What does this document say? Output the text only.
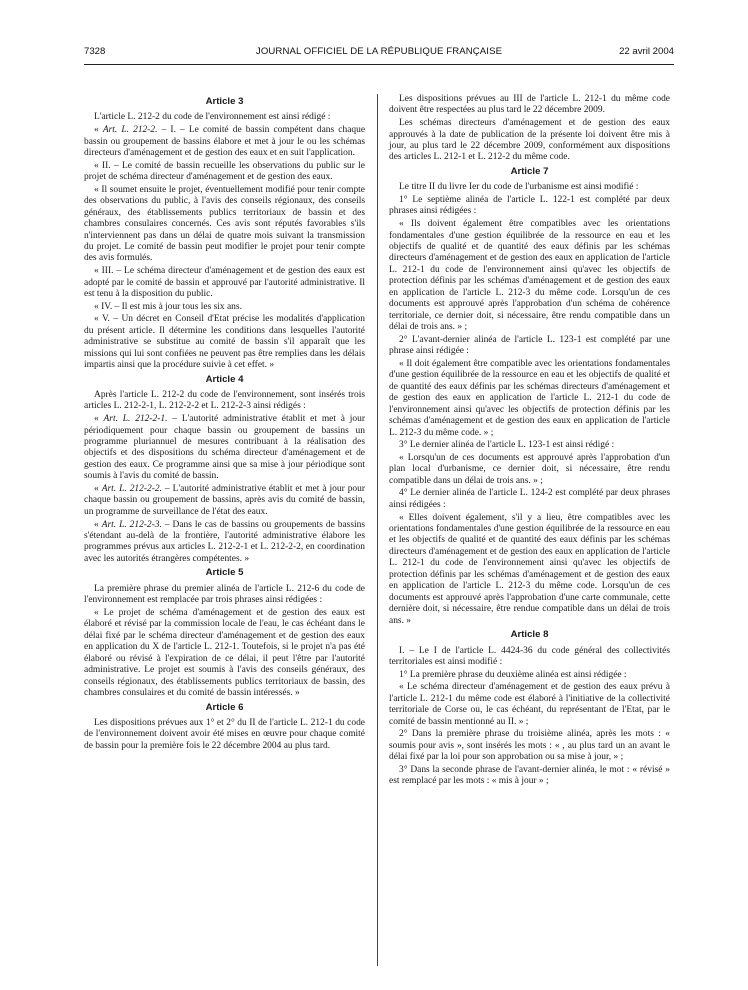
7328	JOURNAL OFFICIEL DE LA RÉPUBLIQUE FRANÇAISE	22 avril 2004
Article 3

L'article L. 212-2 du code de l'environnement est ainsi rédigé :

« Art. L. 212-2. – I. – Le comité de bassin compétent dans chaque bassin ou groupement de bassins élabore et met à jour le ou les schémas directeurs d'aménagement et de gestion des eaux et en suit l'application.

« II. – Le comité de bassin recueille les observations du public sur le projet de schéma directeur d'aménagement et de gestion des eaux.

« Il soumet ensuite le projet, éventuellement modifié pour tenir compte des observations du public, à l'avis des conseils régionaux, des conseils généraux, des établissements publics territoriaux de bassin et des chambres consulaires concernés. Ces avis sont réputés favorables s'ils n'interviennent pas dans un délai de quatre mois suivant la transmission du projet. Le comité de bassin peut modifier le projet pour tenir compte des avis formulés.

« III. – Le schéma directeur d'aménagement et de gestion des eaux est adopté par le comité de bassin et approuvé par l'autorité administrative. Il est tenu à la disposition du public.

« IV. – Il est mis à jour tous les six ans.

« V. – Un décret en Conseil d'Etat précise les modalités d'application du présent article. Il détermine les conditions dans lesquelles l'autorité administrative se substitue au comité de bassin s'il apparaît que les missions qui lui sont confiées ne peuvent pas être remplies dans les délais impartis ainsi que la procédure suivie à cet effet. »

Article 4

Après l'article L. 212-2 du code de l'environnement, sont insérés trois articles L. 212-2-1, L. 212-2-2 et L. 212-2-3 ainsi rédigés :

« Art. L. 212-2-1. – L'autorité administrative établit et met à jour périodiquement pour chaque bassin ou groupement de bassins un programme pluriannuel de mesures contribuant à la réalisation des objectifs et des dispositions du schéma directeur d'aménagement et de gestion des eaux. Ce programme ainsi que sa mise à jour périodique sont soumis à l'avis du comité de bassin.

« Art. L. 212-2-2. – L'autorité administrative établit et met à jour pour chaque bassin ou groupement de bassins, après avis du comité de bassin, un programme de surveillance de l'état des eaux.

« Art. L. 212-2-3. – Dans le cas de bassins ou groupements de bassins s'étendant au-delà de la frontière, l'autorité administrative élabore les programmes prévus aux articles L. 212-2-1 et L. 212-2-2, en coordination avec les autorités étrangères compétentes. »

Article 5

La première phrase du premier alinéa de l'article L. 212-6 du code de l'environnement est remplacée par trois phrases ainsi rédigées :

« Le projet de schéma d'aménagement et de gestion des eaux est élaboré et révisé par la commission locale de l'eau, le cas échéant dans le délai fixé par le schéma directeur d'aménagement et de gestion des eaux en application du X de l'article L. 212-1. Toutefois, si le projet n'a pas été élaboré ou révisé à l'expiration de ce délai, il peut l'être par l'autorité administrative. Le projet est soumis à l'avis des conseils généraux, des conseils régionaux, des établissements publics territoriaux de bassin, des chambres consulaires et du comité de bassin intéressés. »

Article 6

Les dispositions prévues aux 1° et 2° du II de l'article L. 212-1 du code de l'environnement doivent avoir été mises en œuvre pour chaque comité de bassin pour la première fois le 22 décembre 2004 au plus tard.

Les dispositions prévues au III de l'article L. 212-1 du même code doivent être respectées au plus tard le 22 décembre 2009.

Les schémas directeurs d'aménagement et de gestion des eaux approuvés à la date de publication de la présente loi doivent être mis à jour, au plus tard le 22 décembre 2009, conformément aux dispositions des articles L. 212-1 et L. 212-2 du même code.

Article 7

Le titre II du livre Ier du code de l'urbanisme est ainsi modifié :

1° Le septième alinéa de l'article L. 122-1 est complété par deux phrases ainsi rédigées :

« Ils doivent également être compatibles avec les orientations fondamentales d'une gestion équilibrée de la ressource en eau et les objectifs de qualité et de quantité des eaux définis par les schémas directeurs d'aménagement et de gestion des eaux en application de l'article L. 212-1 du code de l'environnement ainsi qu'avec les objectifs de protection définis par les schémas d'aménagement et de gestion des eaux en application de l'article L. 212-3 du même code. Lorsqu'un de ces documents est approuvé après l'approbation d'un schéma de cohérence territoriale, ce dernier doit, si nécessaire, être rendu compatible dans un délai de trois ans. » ;

2° L'avant-dernier alinéa de l'article L. 123-1 est complété par une phrase ainsi rédigée :

« Il doit également être compatible avec les orientations fondamentales d'une gestion équilibrée de la ressource en eau et les objectifs de qualité et de quantité des eaux définis par les schémas directeurs d'aménagement et de gestion des eaux en application de l'article L. 212-1 du code de l'environnement ainsi qu'avec les objectifs de protection définis par les schémas d'aménagement et de gestion des eaux en application de l'article L. 212-3 du même code. » ;

3° Le dernier alinéa de l'article L. 123-1 est ainsi rédigé :

« Lorsqu'un de ces documents est approuvé après l'approbation d'un plan local d'urbanisme, ce dernier doit, si nécessaire, être rendu compatible dans un délai de trois ans. » ;

4° Le dernier alinéa de l'article L. 124-2 est complété par deux phrases ainsi rédigées :

« Elles doivent également, s'il y a lieu, être compatibles avec les orientations fondamentales d'une gestion équilibrée de la ressource en eau et les objectifs de qualité et de quantité des eaux définis par les schémas directeurs d'aménagement et de gestion des eaux en application de l'article L. 212-1 du code de l'environnement ainsi qu'avec les objectifs de protection définis par les schémas d'aménagement et de gestion des eaux en application de l'article L. 212-3 du même code. Lorsqu'un de ces documents est approuvé après l'approbation d'une carte communale, cette dernière doit, si nécessaire, être rendue compatible dans un délai de trois ans. »

Article 8

I. – Le I de l'article L. 4424-36 du code général des collectivités territoriales est ainsi modifié :

1° La première phrase du deuxième alinéa est ainsi rédigée :

« Le schéma directeur d'aménagement et de gestion des eaux prévu à l'article L. 212-1 du même code est élaboré à l'initiative de la collectivité territoriale de Corse ou, le cas échéant, du représentant de l'Etat, par le comité de bassin mentionné au II. » ;

2° Dans la première phrase du troisième alinéa, après les mots : « soumis pour avis », sont insérés les mots : « , au plus tard un an avant le délai fixé par la loi pour son approbation ou sa mise à jour, » ;

3° Dans la seconde phrase de l'avant-dernier alinéa, le mot : « révisé » est remplacé par les mots : « mis à jour » ;
